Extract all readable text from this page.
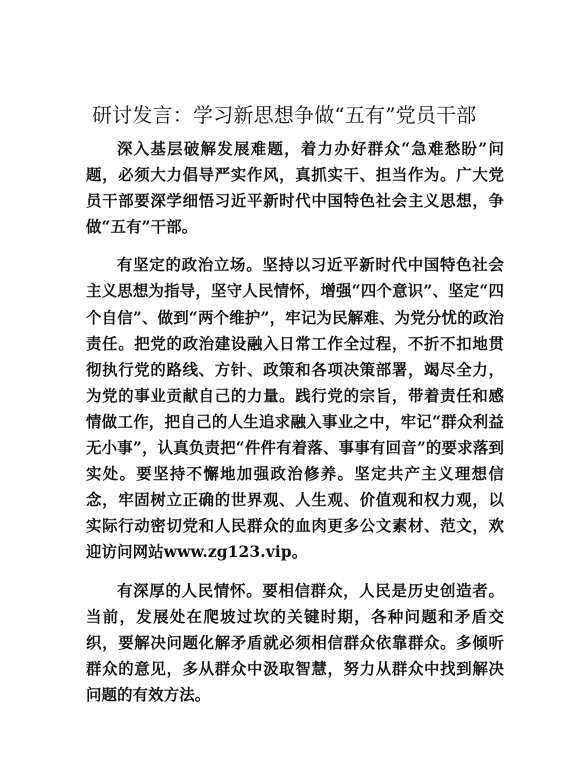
研讨发言：学习新思想争做“五有”党员干部

深入基层破解发展难题，着力办好群众“急难愁盼”问题，必须大力倡导严实作风，真抓实干、担当作为。广大党员干部要深学细悟习近平新时代中国特色社会主义思想，争做“五有”干部。

有坚定的政治立场。坚持以习近平新时代中国特色社会主义思想为指导，坚守人民情怀，增强“四个意识”、坚定“四个自信”、做到“两个维护”，牢记为民解难、为党分忧的政治责任。把党的政治建设融入日常工作全过程，不折不扣地贯彻执行党的路线、方针、政策和各项决策部署，竭尽全力，为党的事业贡献自己的力量。践行党的宗旨，带着责任和感情做工作，把自己的人生追求融入事业之中，牢记“群众利益无小事”，认真负责把“件件有着落、事事有回音”的要求落到实处。要坚持不懈地加强政治修养。坚定共产主义理想信念，牢固树立正确的世界观、人生观、价值观和权力观，以实际行动密切党和人民群众的血肉更多公文素材、范文，欢迎访问网站www.zg123.vip。

有深厚的人民情怀。要相信群众，人民是历史创造者。当前，发展处在爬坡过坎的关键时期，各种问题和矛盾交织，要解决问题化解矛盾就必须相信群众依靠群众。多倾听群众的意见，多从群众中汲取智慧，努力从群众中找到解决问题的有效方法。
